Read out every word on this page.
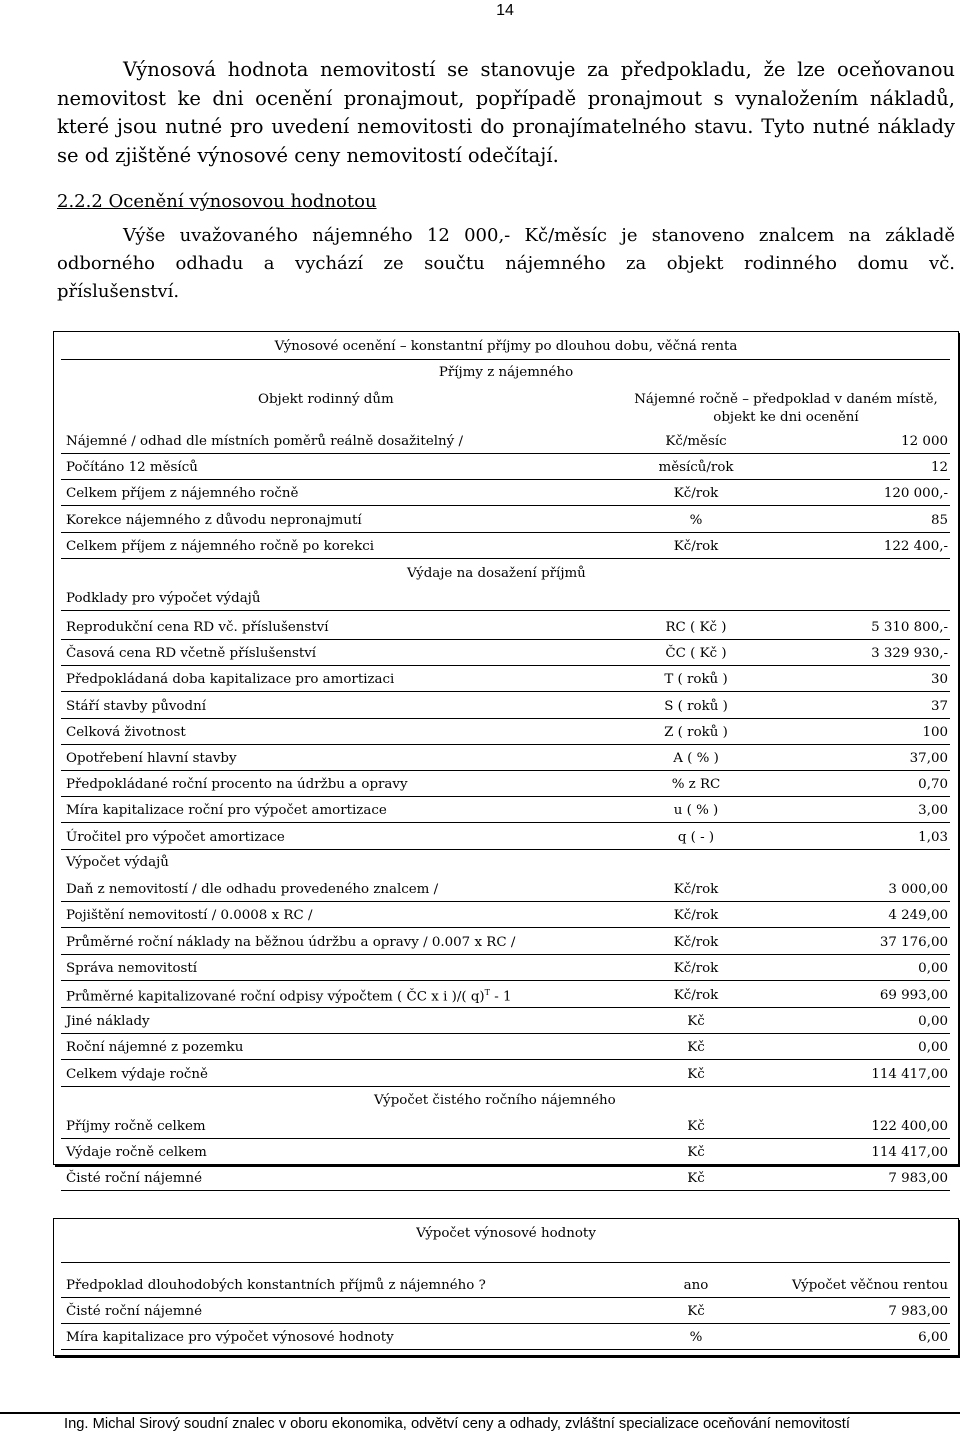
14
Výnosová hodnota nemovitostí se stanovuje za předpokladu, že lze oceňovanou
nemovitost ke dni ocenění pronajmout, popřípadě pronajmout s vynaložením nákladů,
které jsou nutné pro uvedení nemovitosti do pronajímatelného stavu. Tyto nutné náklady
se od zjištěné výnosové ceny nemovitostí odečítají.
2.2.2 Ocenění výnosovou hodnotou
Výše uvažovaného nájemného 12 000,- Kč/měsíc je stanoveno znalcem na základě
odborného odhadu a vychází ze součtu nájemného za objekt rodinného domu vč.
příslušenství.
Výnosové ocenění – konstantní příjmy po dlouhou dobu, věčná renta
Příjmy z nájemného
Objekt rodinný dům	Nájemné ročně – předpoklad v daném místě,
objekt ke dni ocenění
Nájemné / odhad dle místních poměrů reálně dosažitelný /	Kč/měsíc	12 000
Počítáno 12 měsíců	měsíců/rok	12
Celkem příjem z nájemného ročně	Kč/rok	120 000,-
Korekce nájemného z důvodu nepronajmutí	%	85
Celkem příjem z nájemného ročně po korekci	Kč/rok	122 400,-
Výdaje na dosažení příjmů
Podklady pro výpočet výdajů
Reprodukční cena RD vč. příslušenství	RC ( Kč )	5 310 800,-
Časová cena RD včetně příslušenství	ČC ( Kč )	3 329 930,-
Předpokládaná doba kapitalizace pro amortizaci	T ( roků )	30
Stáří stavby původní	S ( roků )	37
Celková životnost	Z ( roků )	100
Opotřebení hlavní stavby	A ( % )	37,00
Předpokládané roční procento na údržbu a opravy	% z RC	0,70
Míra kapitalizace roční pro výpočet amortizace	u ( % )	3,00
Úročitel pro výpočet amortizace	q ( - )	1,03
Výpočet výdajů
Daň z nemovitostí / dle odhadu provedeného znalcem /	Kč/rok	3 000,00
Pojištění nemovitostí / 0.0008 x RC /	Kč/rok	4 249,00
Průměrné roční náklady na běžnou údržbu a opravy / 0.007 x RC /	Kč/rok	37 176,00
Správa nemovitostí	Kč/rok	0,00
Průměrné kapitalizované roční odpisy výpočtem ( ČC x i )/( q)$^T$ - 1	Kč/rok	69 993,00
Jiné náklady	Kč	0,00
Roční nájemné z pozemku	Kč	0,00
Celkem výdaje ročně	Kč	114 417,00
Výpočet čistého ročního nájemného
Příjmy ročně celkem	Kč	122 400,00
Výdaje ročně celkem	Kč	114 417,00
Čisté roční nájemné	Kč	7 983,00
Výpočet výnosové hodnoty
Předpoklad dlouhodobých konstantních příjmů z nájemného ?	ano	Výpočet věčnou rentou
Čisté roční nájemné	Kč	7 983,00
Míra kapitalizace pro výpočet výnosové hodnoty	%	6,00
Ing. Michal Sirový soudní znalec v oboru ekonomika, odvětví ceny a odhady, zvláštní specializace oceňování nemovitostí
